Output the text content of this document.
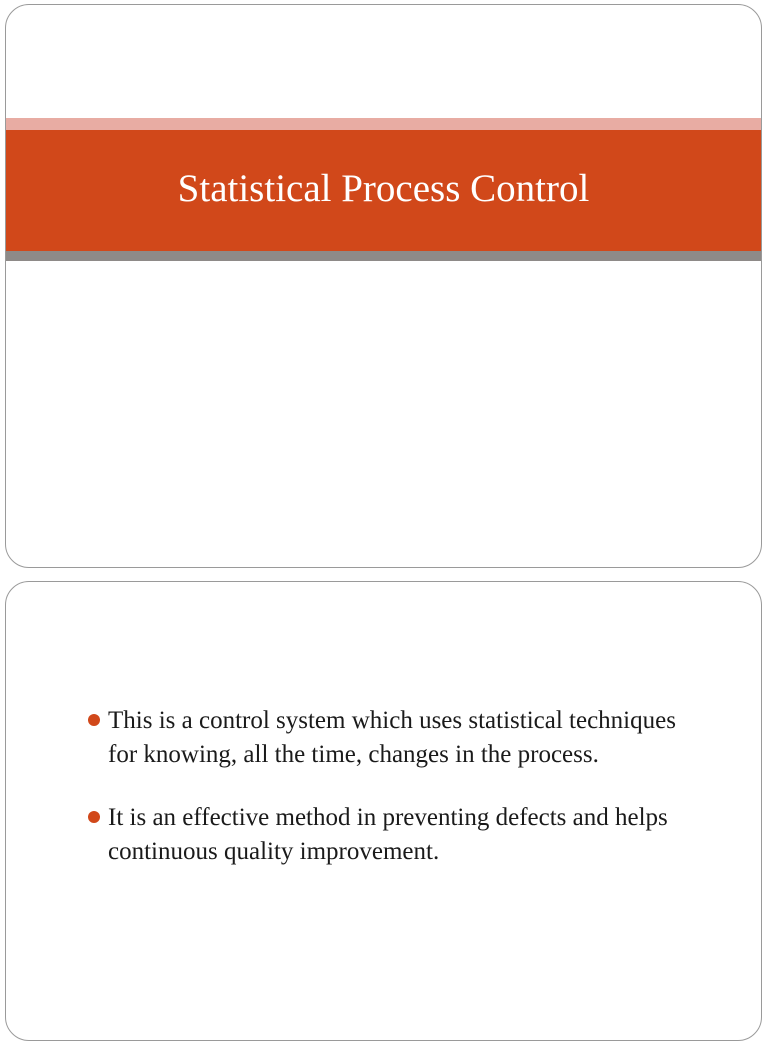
Statistical Process Control
This is a control system which uses statistical techniques for knowing, all the time, changes in the process.
It is an effective method in preventing defects and helps continuous quality improvement.
